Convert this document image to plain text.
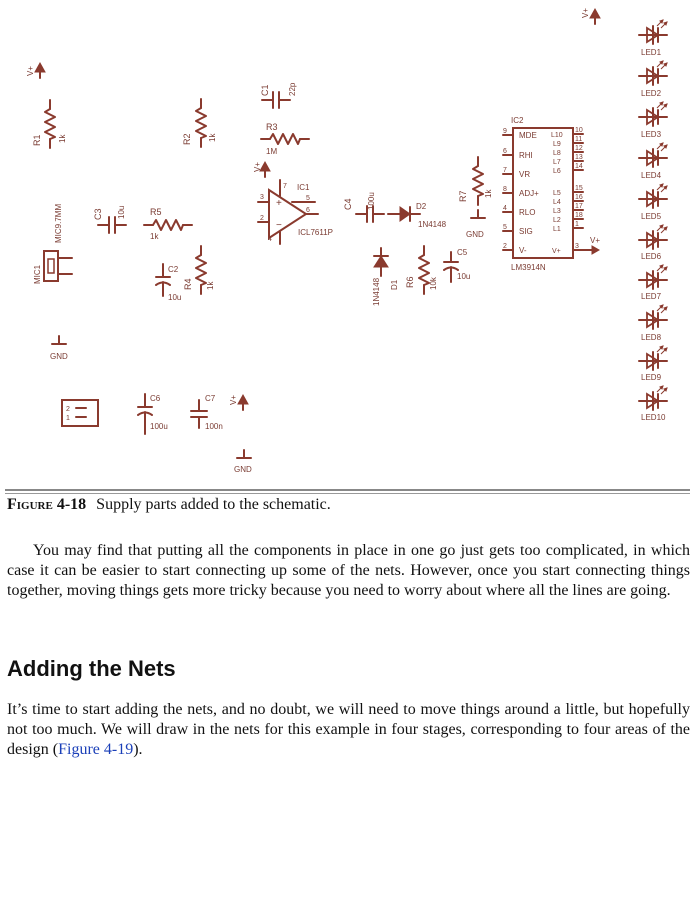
V+
V+
R1 1k	R2 1k
C1 22p
R3
1M
V+
+
−
IC1
ICL7611P
3
2
7
4
5
6
C4 100u	D2
1N4148
R7 1k
GND
C5
10u
1N4148 D1 R6 10k
IC2
LM3914N
9
6
7
8
4
5
2
MDE
RHI
VR
ADJ+
RLO
SIG
V-
L10
L9
L8
L7
L6
L5
L4
L3
L2
L1
V+
10
11
12
13
14
15
16
17
18
1
3
V+
LED1
LED2
LED3
LED4
LED5
LED6
LED7
LED8
LED9
LED10
MIC1
MIC9.7MM	C3 10u	R5
1k
C2
10u
R4 1k
GND
2
1
C6
100u
C7
100n
V+
GND
Figure 4-18 Supply parts added to the schematic.

You may find that putting all the components in place in one go just gets too complicated, in which case it can be easier to start connecting up some of the nets. However, once you start connecting things together, moving things gets more tricky because you need to worry about where all the lines are going.

Adding the Nets

It’s time to start adding the nets, and no doubt, we will need to move things around a little, but hopefully not too much. We will draw in the nets for this example in four stages, corresponding to four areas of the design (Figure 4-19).
